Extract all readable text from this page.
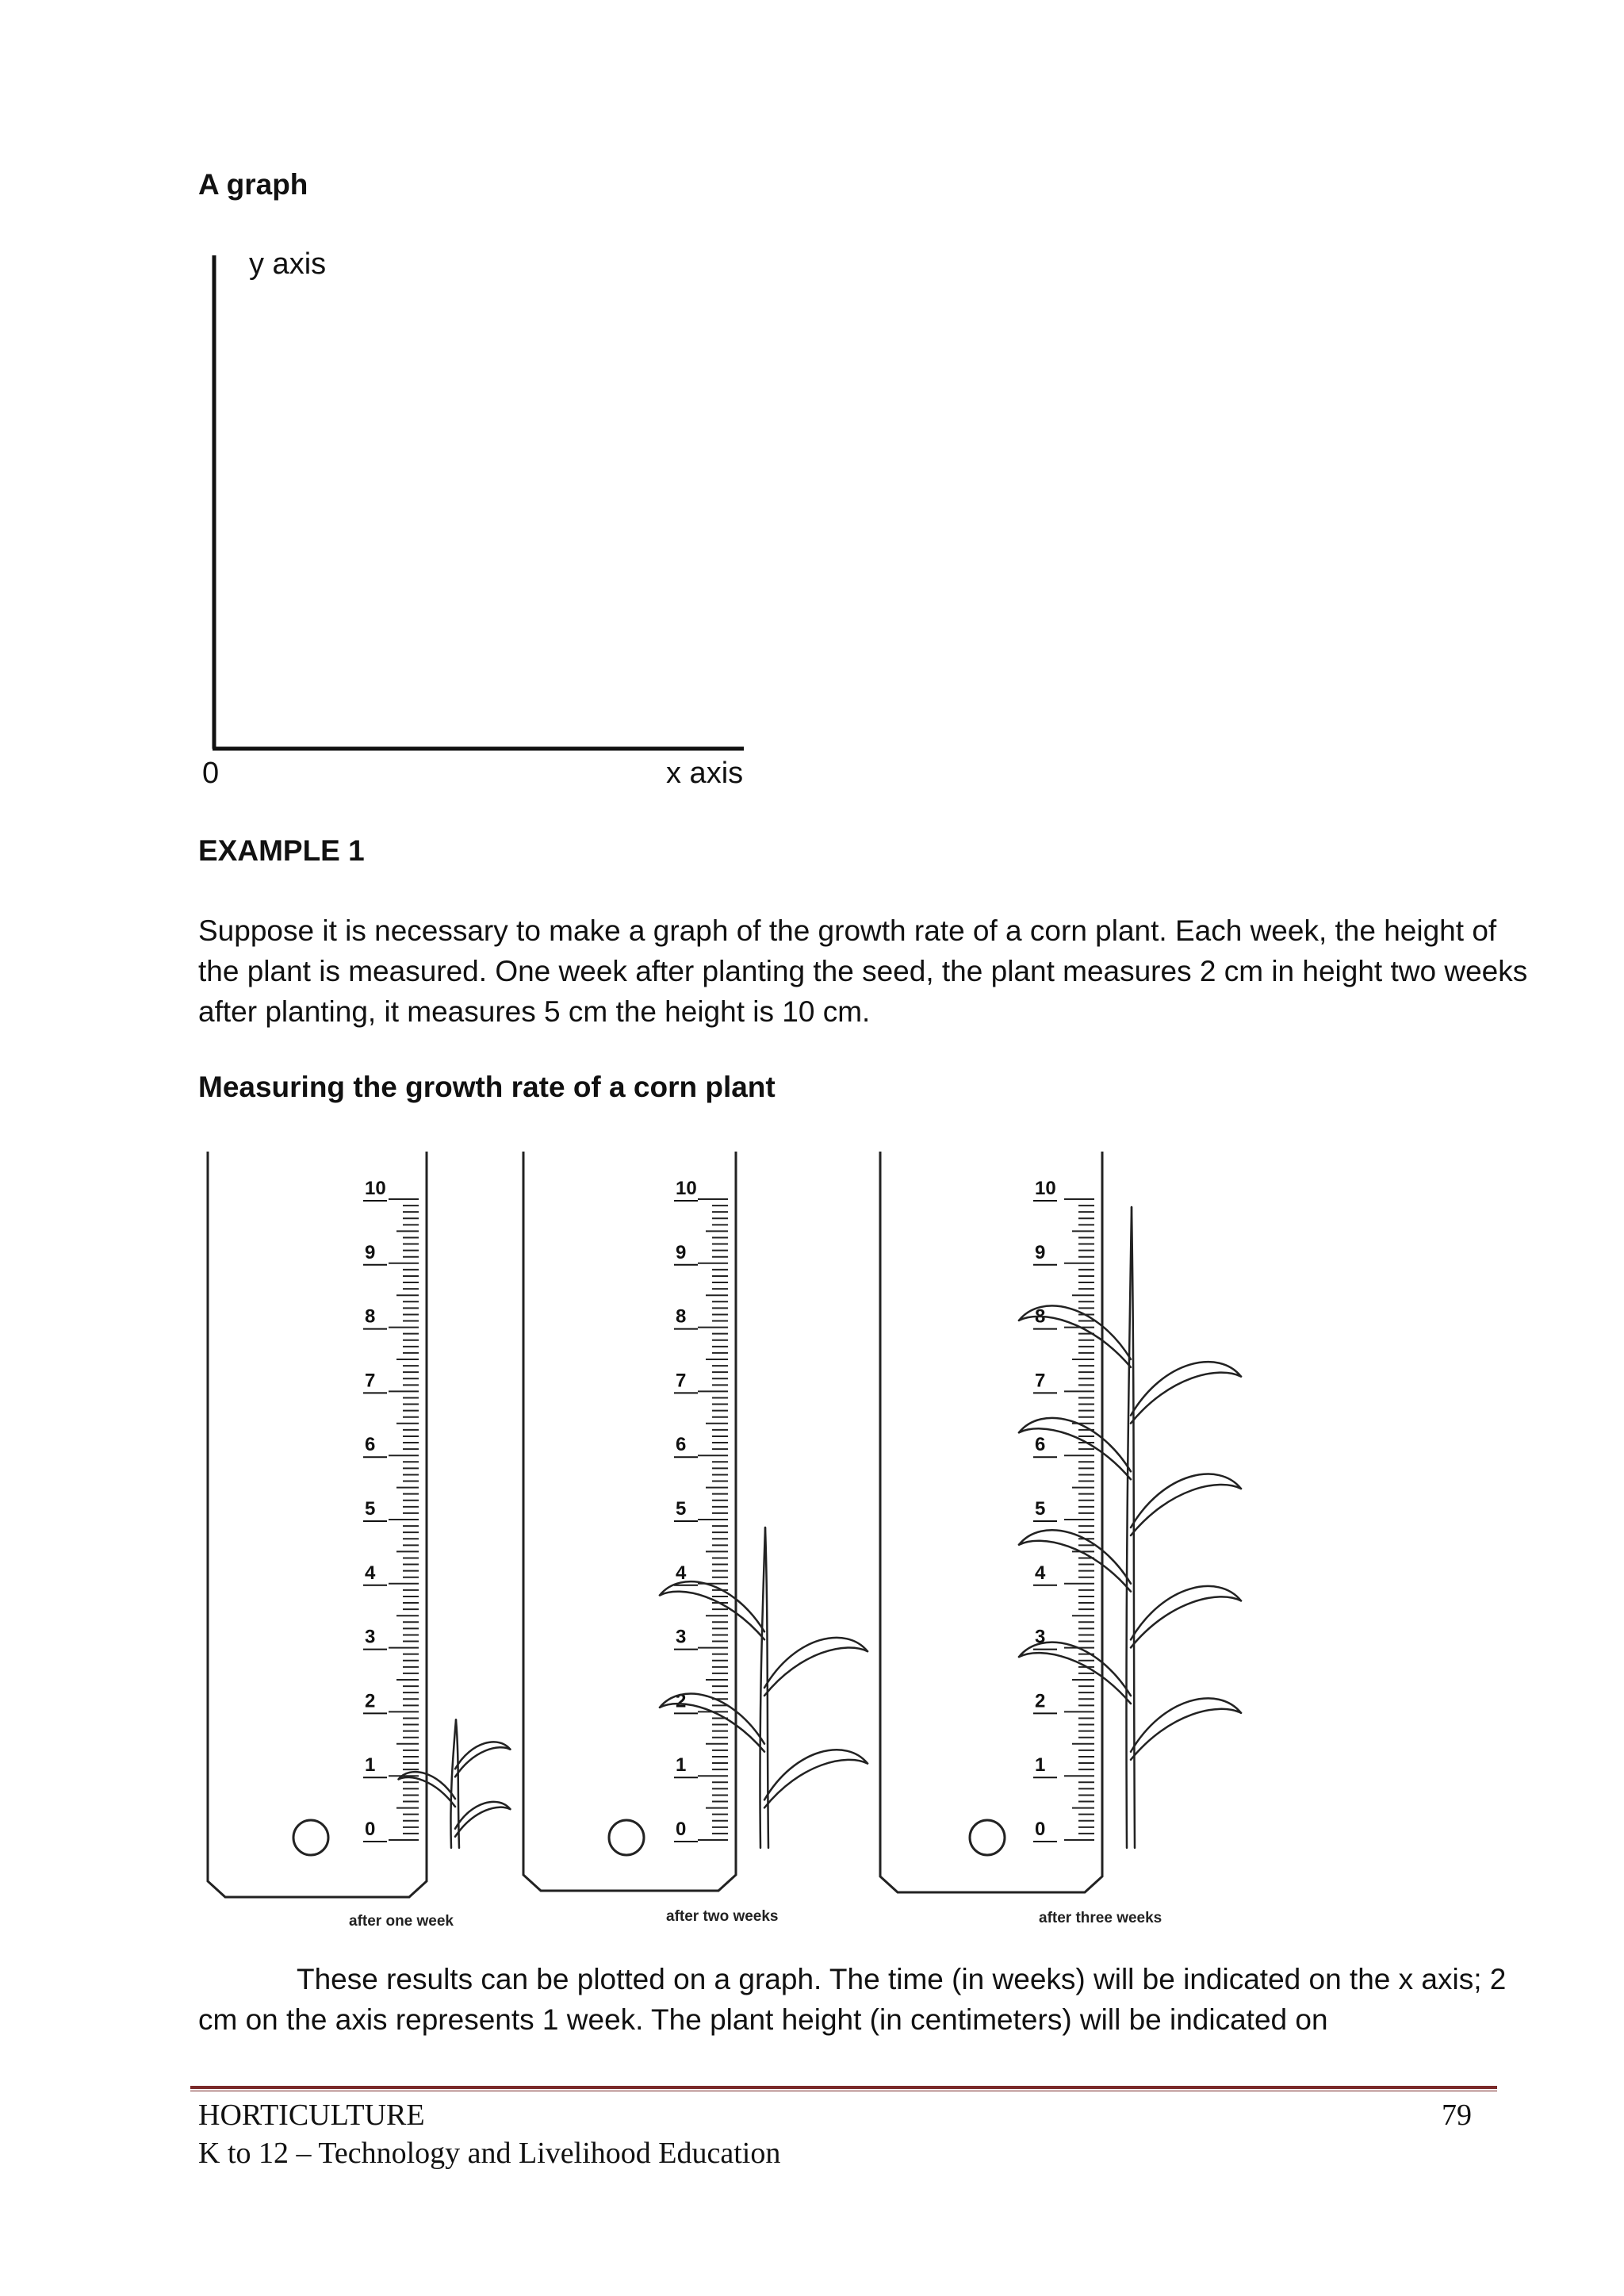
A graph
y axis
0	x axis
EXAMPLE 1
Suppose it is necessary to make a graph of the growth rate of a corn plant. Each week, the height of the plant is measured. One week after planting the seed, the plant measures 2 cm in height two weeks after planting, it measures 5 cm the height is 10 cm.
Measuring the growth rate of a corn plant
0
1
2
3
4
5
6
7
8
9
10
0
1
2
3
4
5
6
7
8
9
10
0
1
2
3
4
5
6
7
8
9
10
after one week	after two weeks	after three weeks
These results can be plotted on a graph. The time (in weeks) will be indicated on the x axis; 2 cm on the axis represents 1 week. The plant height (in centimeters) will be indicated on
HORTICULTURE	79
K to 12 – Technology and Livelihood Education
